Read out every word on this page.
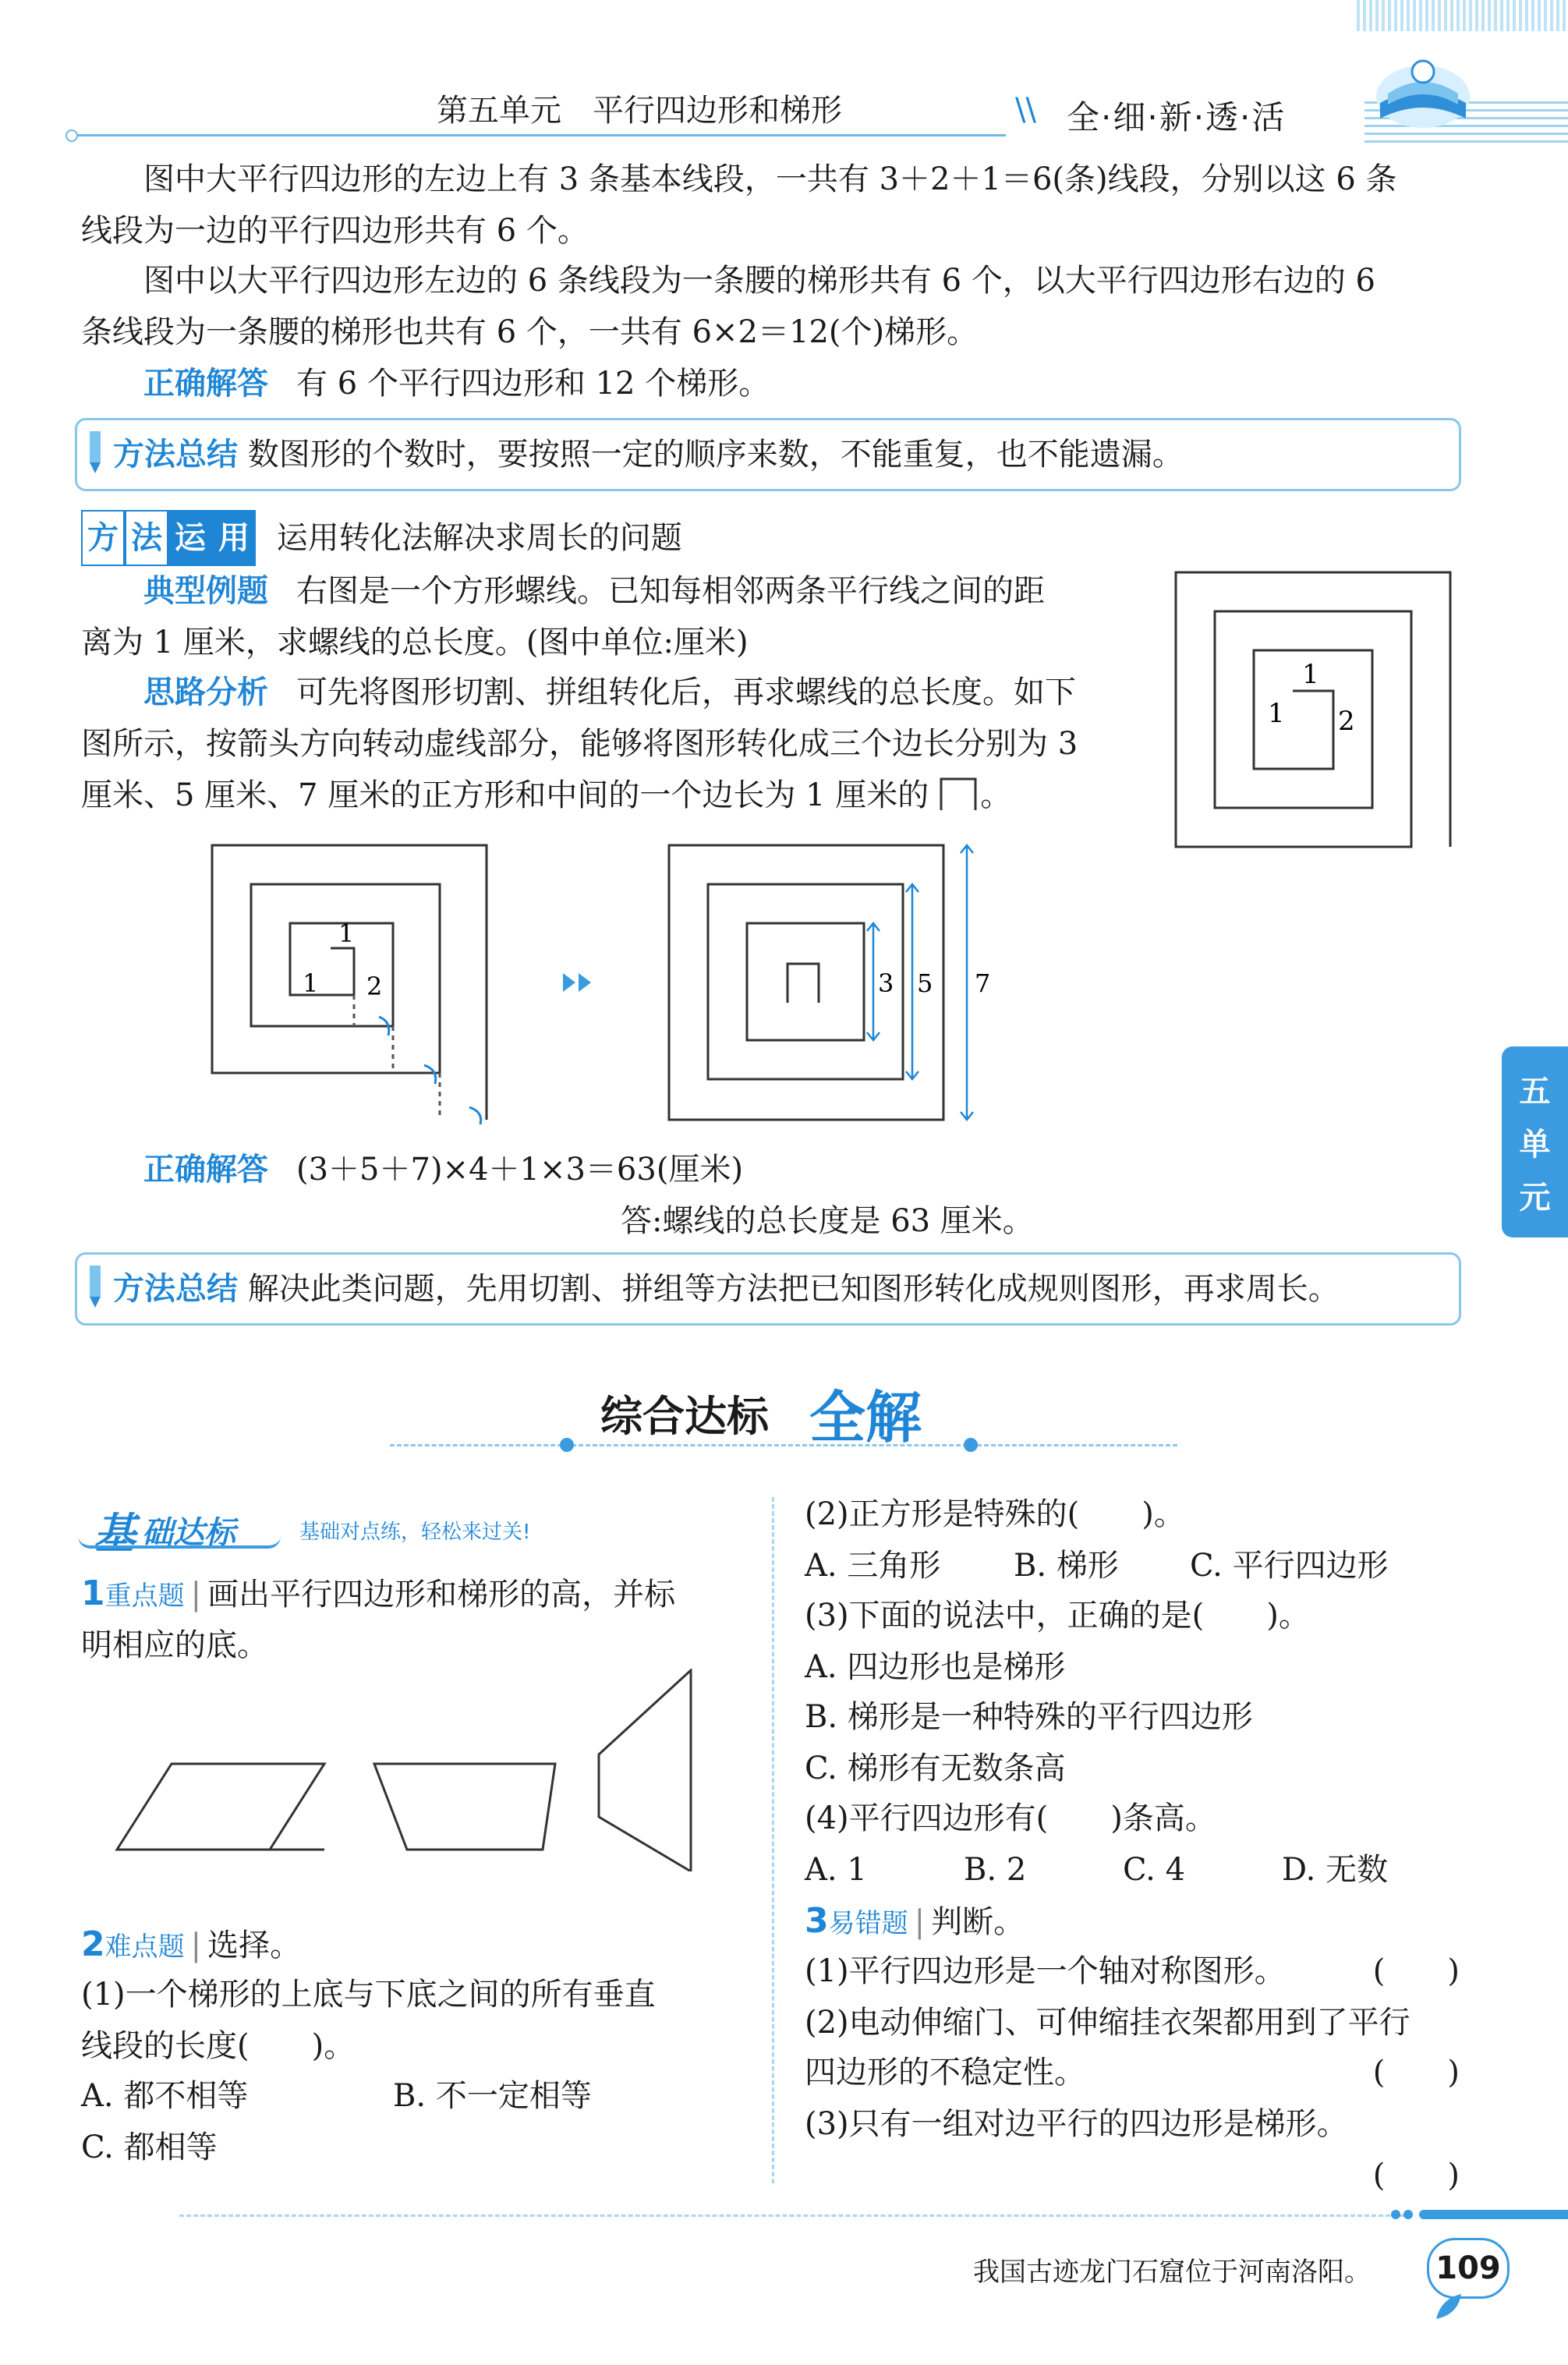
第五单元 平行四边形和梯形	\\ 全·细·新·透·活
五
单
元
图中大平行四边形的左边上有 3 条基本线段，一共有 3＋2＋1＝6(条)线段，分别以这 6 条
线段为一边的平行四边形共有 6 个。
图中以大平行四边形左边的 6 条线段为一条腰的梯形共有 6 个，以大平行四边形右边的 6
条线段为一条腰的梯形也共有 6 个，一共有 6×2＝12(个)梯形。
正确解答 有 6 个平行四边形和 12 个梯形。
方法总结 数图形的个数时，要按照一定的顺序来数，不能重复，也不能遗漏。
方 法 运 用 运用转化法解决求周长的问题
典型例题 右图是一个方形螺线。已知每相邻两条平行线之间的距
离为 1 厘米，求螺线的总长度。(图中单位:厘米)
思路分析 可先将图形切割、拼组转化后，再求螺线的总长度。如下
图所示，按箭头方向转动虚线部分，能够将图形转化成三个边长分别为 3
厘米、5 厘米、7 厘米的正方形和中间的一个边长为 1 厘米的 。
1
1 2
1
1 2	3 5 7
正确解答 (3＋5＋7)×4＋1×3＝63(厘米)
答:螺线的总长度是 63 厘米。
方法总结 解决此类问题，先用切割、拼组等方法把已知图形转化成规则图形，再求周长。
综合达标 全解
基 础达标	基础对点练，轻松来过关!
1重点题 | 画出平行四边形和梯形的高，并标
明相应的底。
2难点题 | 选择。
(1)一个梯形的上底与下底之间的所有垂直
线段的长度(　　)。
A. 都不相等	B. 不一定相等
C. 都相等
(2)正方形是特殊的(　　)。
A. 三角形 B. 梯形 C. 平行四边形
(3)下面的说法中，正确的是(　　)。
A. 四边形也是梯形
B. 梯形是一种特殊的平行四边形
C. 梯形有无数条高
(4)平行四边形有(　　)条高。
A. 1	B. 2	C. 4	D. 无数
3易错题 | 判断。
(1)平行四边形是一个轴对称图形。	(　　)
(2)电动伸缩门、可伸缩挂衣架都用到了平行
四边形的不稳定性。	(　　)
(3)只有一组对边平行的四边形是梯形。
(　　)
我国古迹龙门石窟位于河南洛阳。 109
